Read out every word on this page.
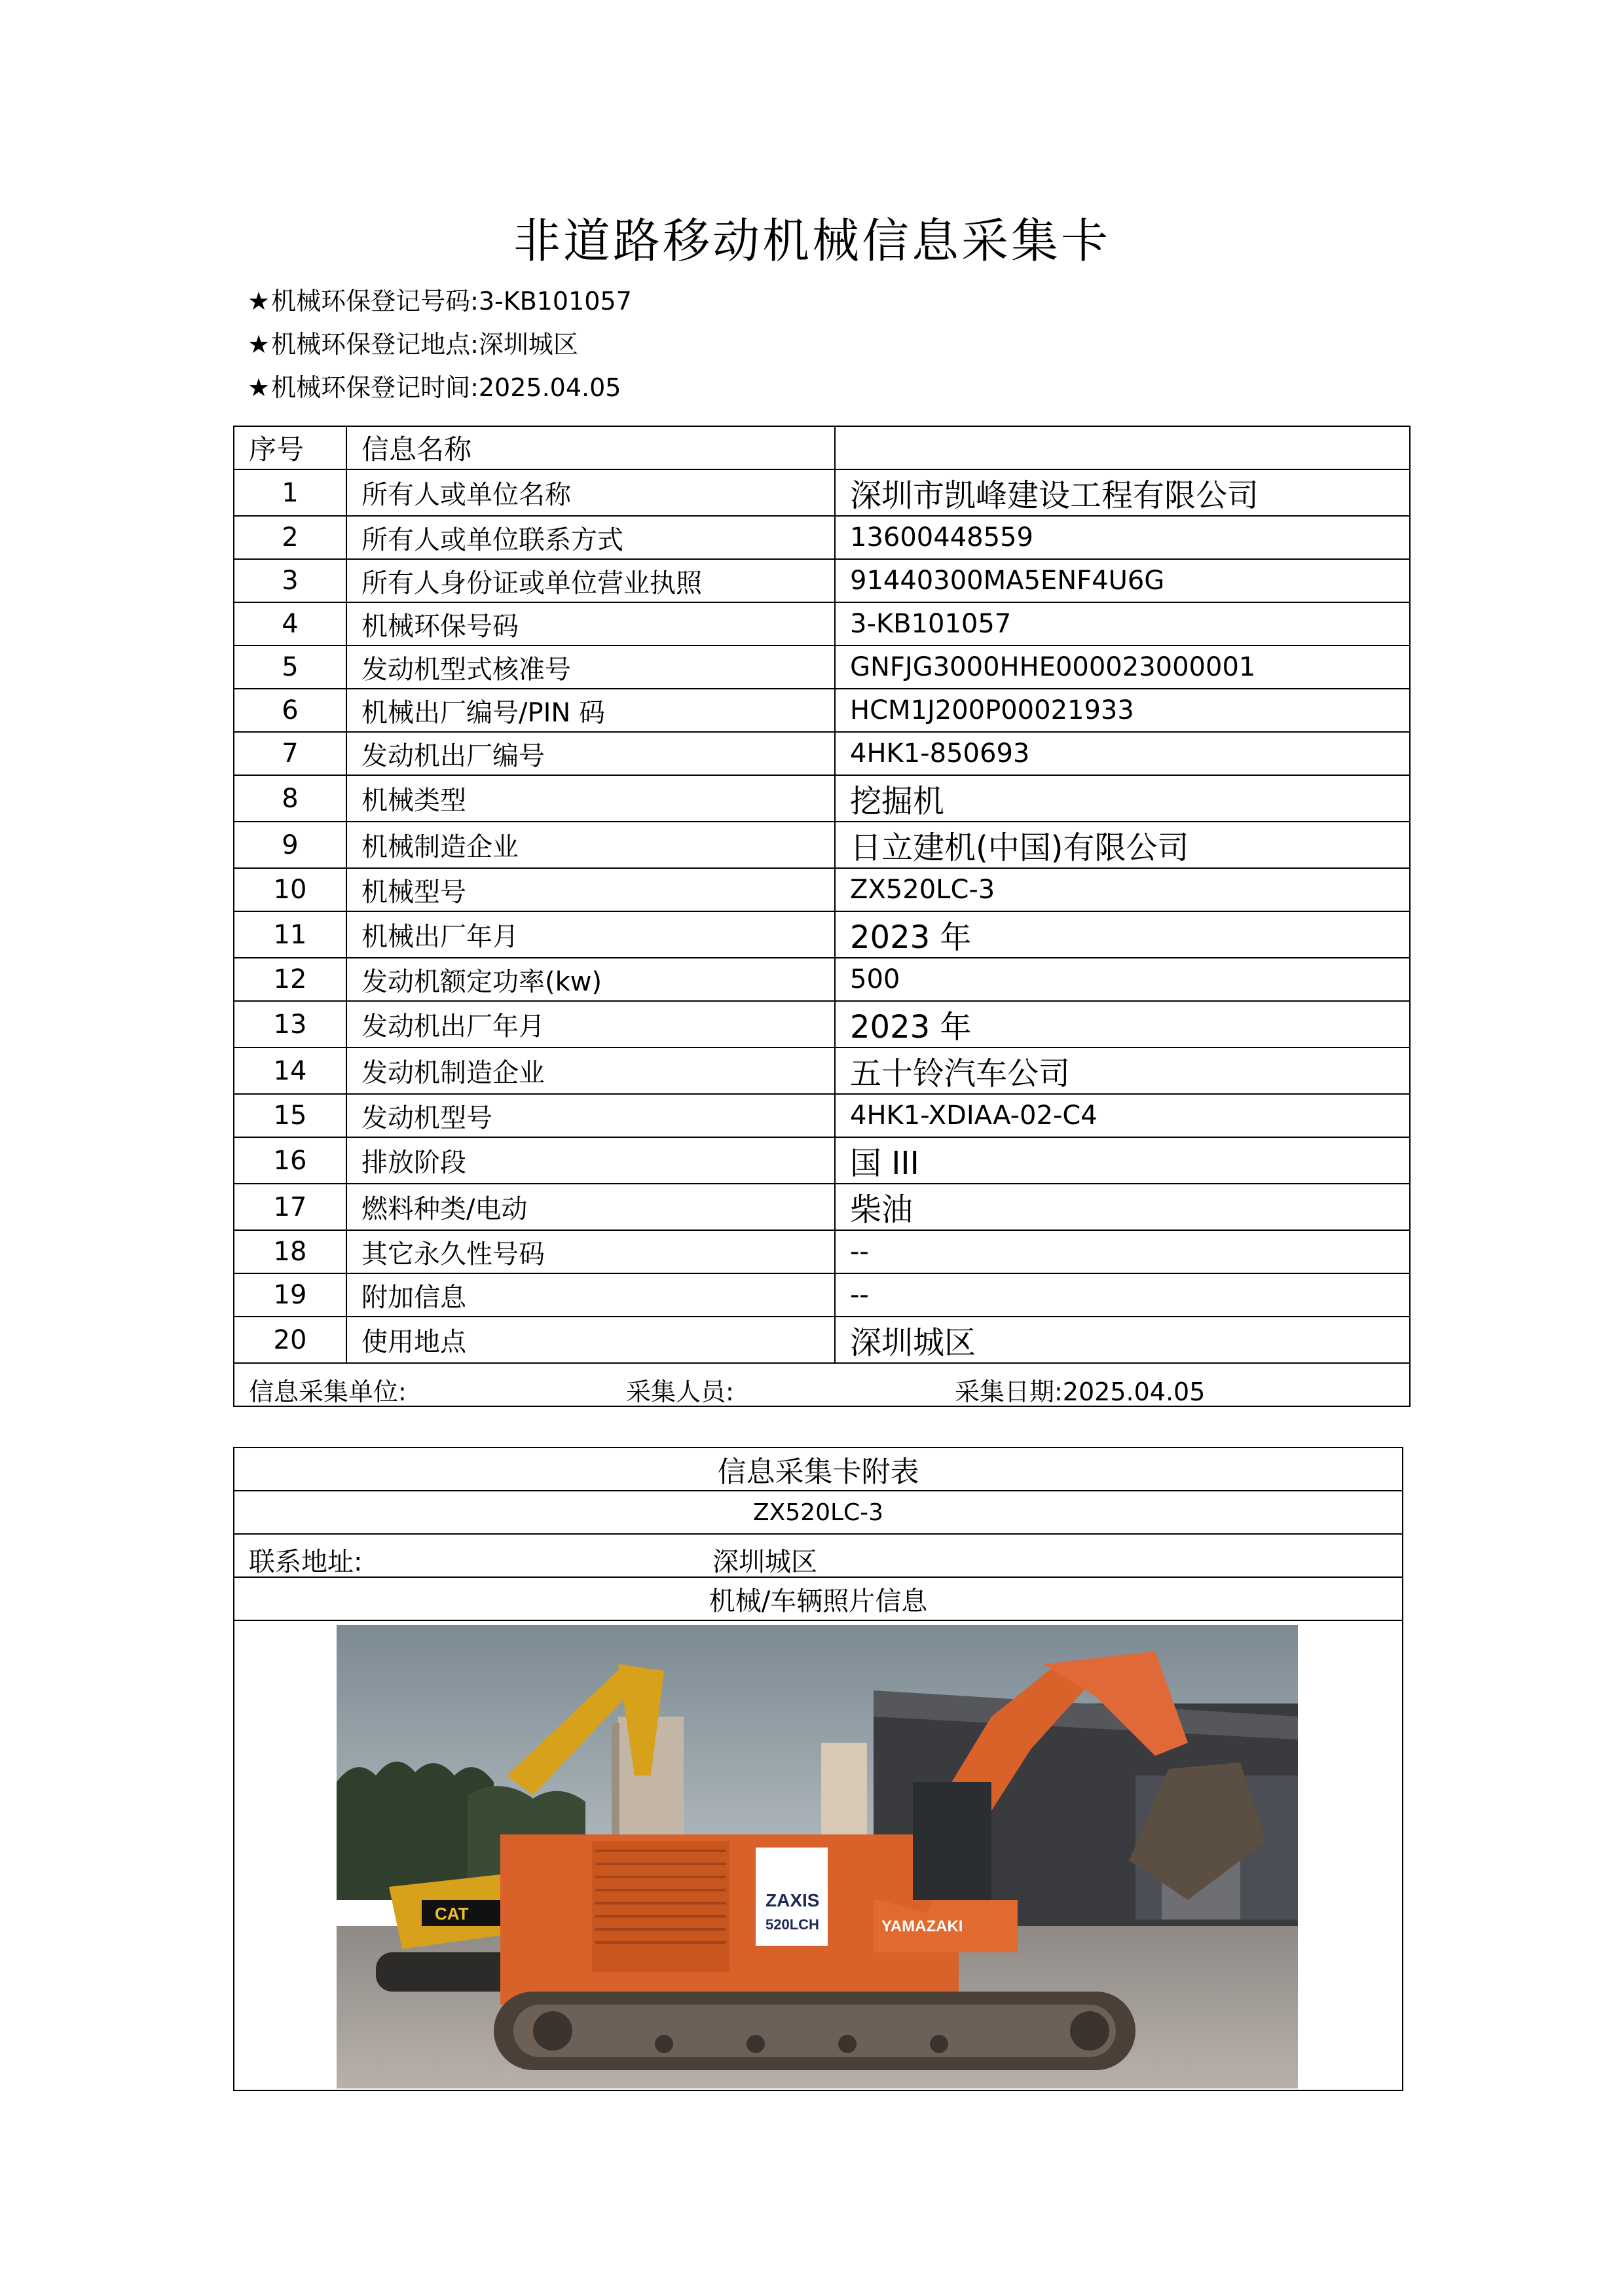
非道路移动机械信息采集卡
★机械环保登记号码:3-KB101057
★机械环保登记地点:深圳城区
★机械环保登记时间:2025.04.05
序号	信息名称	
1	所有人或单位名称	深圳市凯峰建设工程有限公司
2	所有人或单位联系方式	13600448559
3	所有人身份证或单位营业执照	91440300MA5ENF4U6G
4	机械环保号码	3-KB101057
5	发动机型式核准号	GNFJG3000HHE000023000001
6	机械出厂编号/PIN 码	HCM1J200P00021933
7	发动机出厂编号	4HK1-850693
8	机械类型	挖掘机
9	机械制造企业	日立建机(中国)有限公司
10	机械型号	ZX520LC-3
11	机械出厂年月	2023 年
12	发动机额定功率(kw)	500
13	发动机出厂年月	2023 年
14	发动机制造企业	五十铃汽车公司
15	发动机型号	4HK1-XDIAA-02-C4
16	排放阶段	国 III
17	燃料种类/电动	柴油
18	其它永久性号码	--
19	附加信息	--
20	使用地点	深圳城区

信息采集单位: 采集人员: 采集日期:2025.04.05		
信息采集卡附表
ZX520LC-3

联系地址:	深圳城区

机械/车辆照片信息

ZAXIS
520LCH	YAMAZAKI
CAT
